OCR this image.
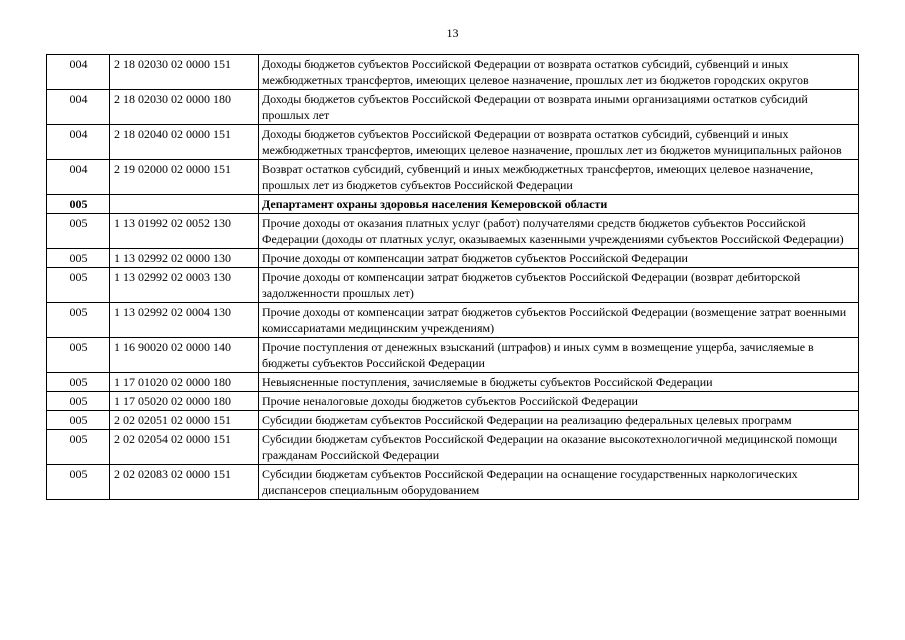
13
004	2 18 02030 02 0000 151	Доходы бюджетов субъектов Российской Федерации от возврата остатков субсидий, субвенций и иных межбюджетных трансфертов, имеющих целевое назначение, прошлых лет из бюджетов городских округов
004	2 18 02030 02 0000 180	Доходы бюджетов субъектов Российской Федерации от возврата иными организациями остатков субсидий прошлых лет
004	2 18 02040 02 0000 151	Доходы бюджетов субъектов Российской Федерации от возврата остатков субсидий, субвенций и иных межбюджетных трансфертов, имеющих целевое назначение, прошлых лет из бюджетов муниципальных районов
004	2 19 02000 02 0000 151	Возврат остатков субсидий, субвенций и иных межбюджетных трансфертов, имеющих целевое назначение, прошлых лет из бюджетов субъектов Российской Федерации
005		Департамент охраны здоровья населения Кемеровской области
005	1 13 01992 02 0052 130	Прочие доходы от оказания платных услуг (работ) получателями средств бюджетов субъектов Российской Федерации (доходы от платных услуг, оказываемых казенными учреждениями субъектов Российской Федерации)
005	1 13 02992 02 0000 130	Прочие доходы от компенсации затрат бюджетов субъектов Российской Федерации
005	1 13 02992 02 0003 130	Прочие доходы от компенсации затрат бюджетов субъектов Российской Федерации (возврат дебиторской задолженности прошлых лет)
005	1 13 02992 02 0004 130	Прочие доходы от компенсации затрат бюджетов субъектов Российской Федерации (возмещение затрат военными комиссариатами медицинским учреждениям)
005	1 16 90020 02 0000 140	Прочие поступления от денежных взысканий (штрафов) и иных сумм в возмещение ущерба, зачисляемые в бюджеты субъектов Российской Федерации
005	1 17 01020 02 0000 180	Невыясненные поступления, зачисляемые в бюджеты субъектов Российской Федерации
005	1 17 05020 02 0000 180	Прочие неналоговые доходы бюджетов субъектов Российской Федерации
005	2 02 02051 02 0000 151	Субсидии бюджетам субъектов Российской Федерации на реализацию федеральных целевых программ
005	2 02 02054 02 0000 151	Субсидии бюджетам субъектов Российской Федерации на оказание высокотехнологичной медицинской помощи гражданам Российской Федерации
005	2 02 02083 02 0000 151	Субсидии бюджетам субъектов Российской Федерации на оснащение государственных наркологических диспансеров специальным оборудованием
